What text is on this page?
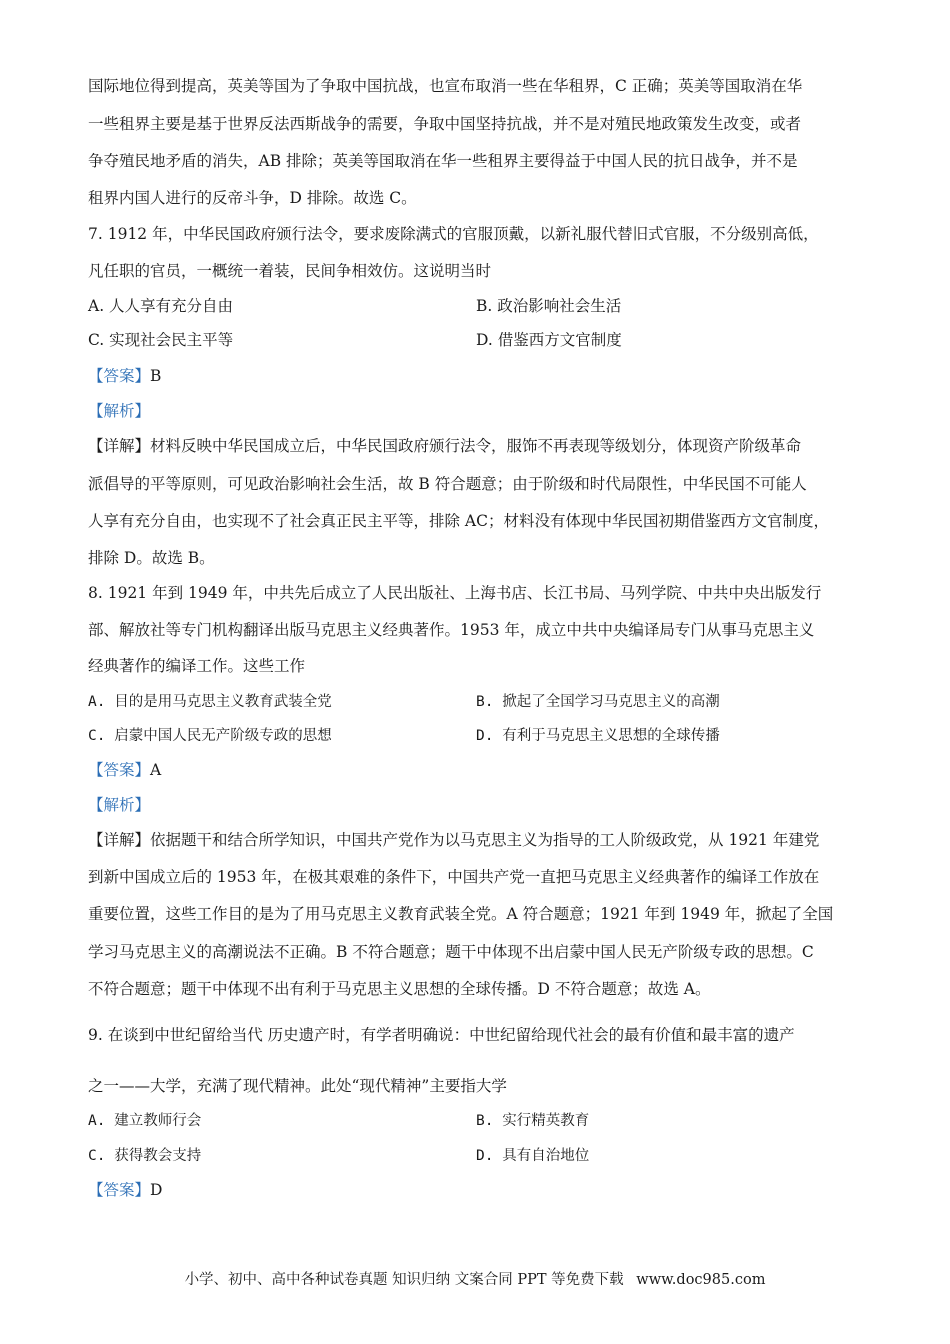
国际地位得到提高，英美等国为了争取中国抗战，也宣布取消一些在华租界，C 正确；英美等国取消在华
一些租界主要是基于世界反法西斯战争的需要，争取中国坚持抗战，并不是对殖民地政策发生改变，或者
争夺殖民地矛盾的消失，AB 排除；英美等国取消在华一些租界主要得益于中国人民的抗日战争，并不是
租界内国人进行的反帝斗争，D 排除。故选 C。
7. 1912 年，中华民国政府颁行法令，要求废除满式的官服顶戴，以新礼服代替旧式官服，不分级别高低，
凡任职的官员，一概统一着装，民间争相效仿。这说明当时
A. 人人享有充分自由	B. 政治影响社会生活
C. 实现社会民主平等	D. 借鉴西方文官制度
【答案】B
【解析】
【详解】材料反映中华民国成立后，中华民国政府颁行法令，服饰不再表现等级划分，体现资产阶级革命
派倡导的平等原则，可见政治影响社会生活，故 B 符合题意；由于阶级和时代局限性，中华民国不可能人
人享有充分自由，也实现不了社会真正民主平等，排除 AC；材料没有体现中华民国初期借鉴西方文官制度，
排除 D。故选 B。
8. 1921 年到 1949 年，中共先后成立了人民出版社、上海书店、长江书局、马列学院、中共中央出版发行
部、解放社等专门机构翻译出版马克思主义经典著作。1953 年，成立中共中央编译局专门从事马克思主义
经典著作的编译工作。这些工作
A. 目的是用马克思主义教育武装全党	B. 掀起了全国学习马克思主义的高潮
C. 启蒙中国人民无产阶级专政的思想	D. 有利于马克思主义思想的全球传播
【答案】A
【解析】
【详解】依据题干和结合所学知识，中国共产党作为以马克思主义为指导的工人阶级政党，从 1921 年建党
到新中国成立后的 1953 年，在极其艰难的条件下，中国共产党一直把马克思主义经典著作的编译工作放在
重要位置，这些工作目的是为了用马克思主义教育武装全党。A 符合题意；1921 年到 1949 年，掀起了全国
学习马克思主义的高潮说法不正确。B 不符合题意；题干中体现不出启蒙中国人民无产阶级专政的思想。C
不符合题意；题干中体现不出有利于马克思主义思想的全球传播。D 不符合题意；故选 A。
9. 在谈到中世纪留给当代 历史遗产时，有学者明确说：中世纪留给现代社会的最有价值和最丰富的遗产
之一——大学，充满了现代精神。此处“现代精神”主要指大学
A. 建立教师行会	B. 实行精英教育
C. 获得教会支持	D. 具有自治地位
【答案】D
小学、初中、高中各种试卷真题 知识归纳 文案合同 PPT 等免费下载 www.doc985.com
